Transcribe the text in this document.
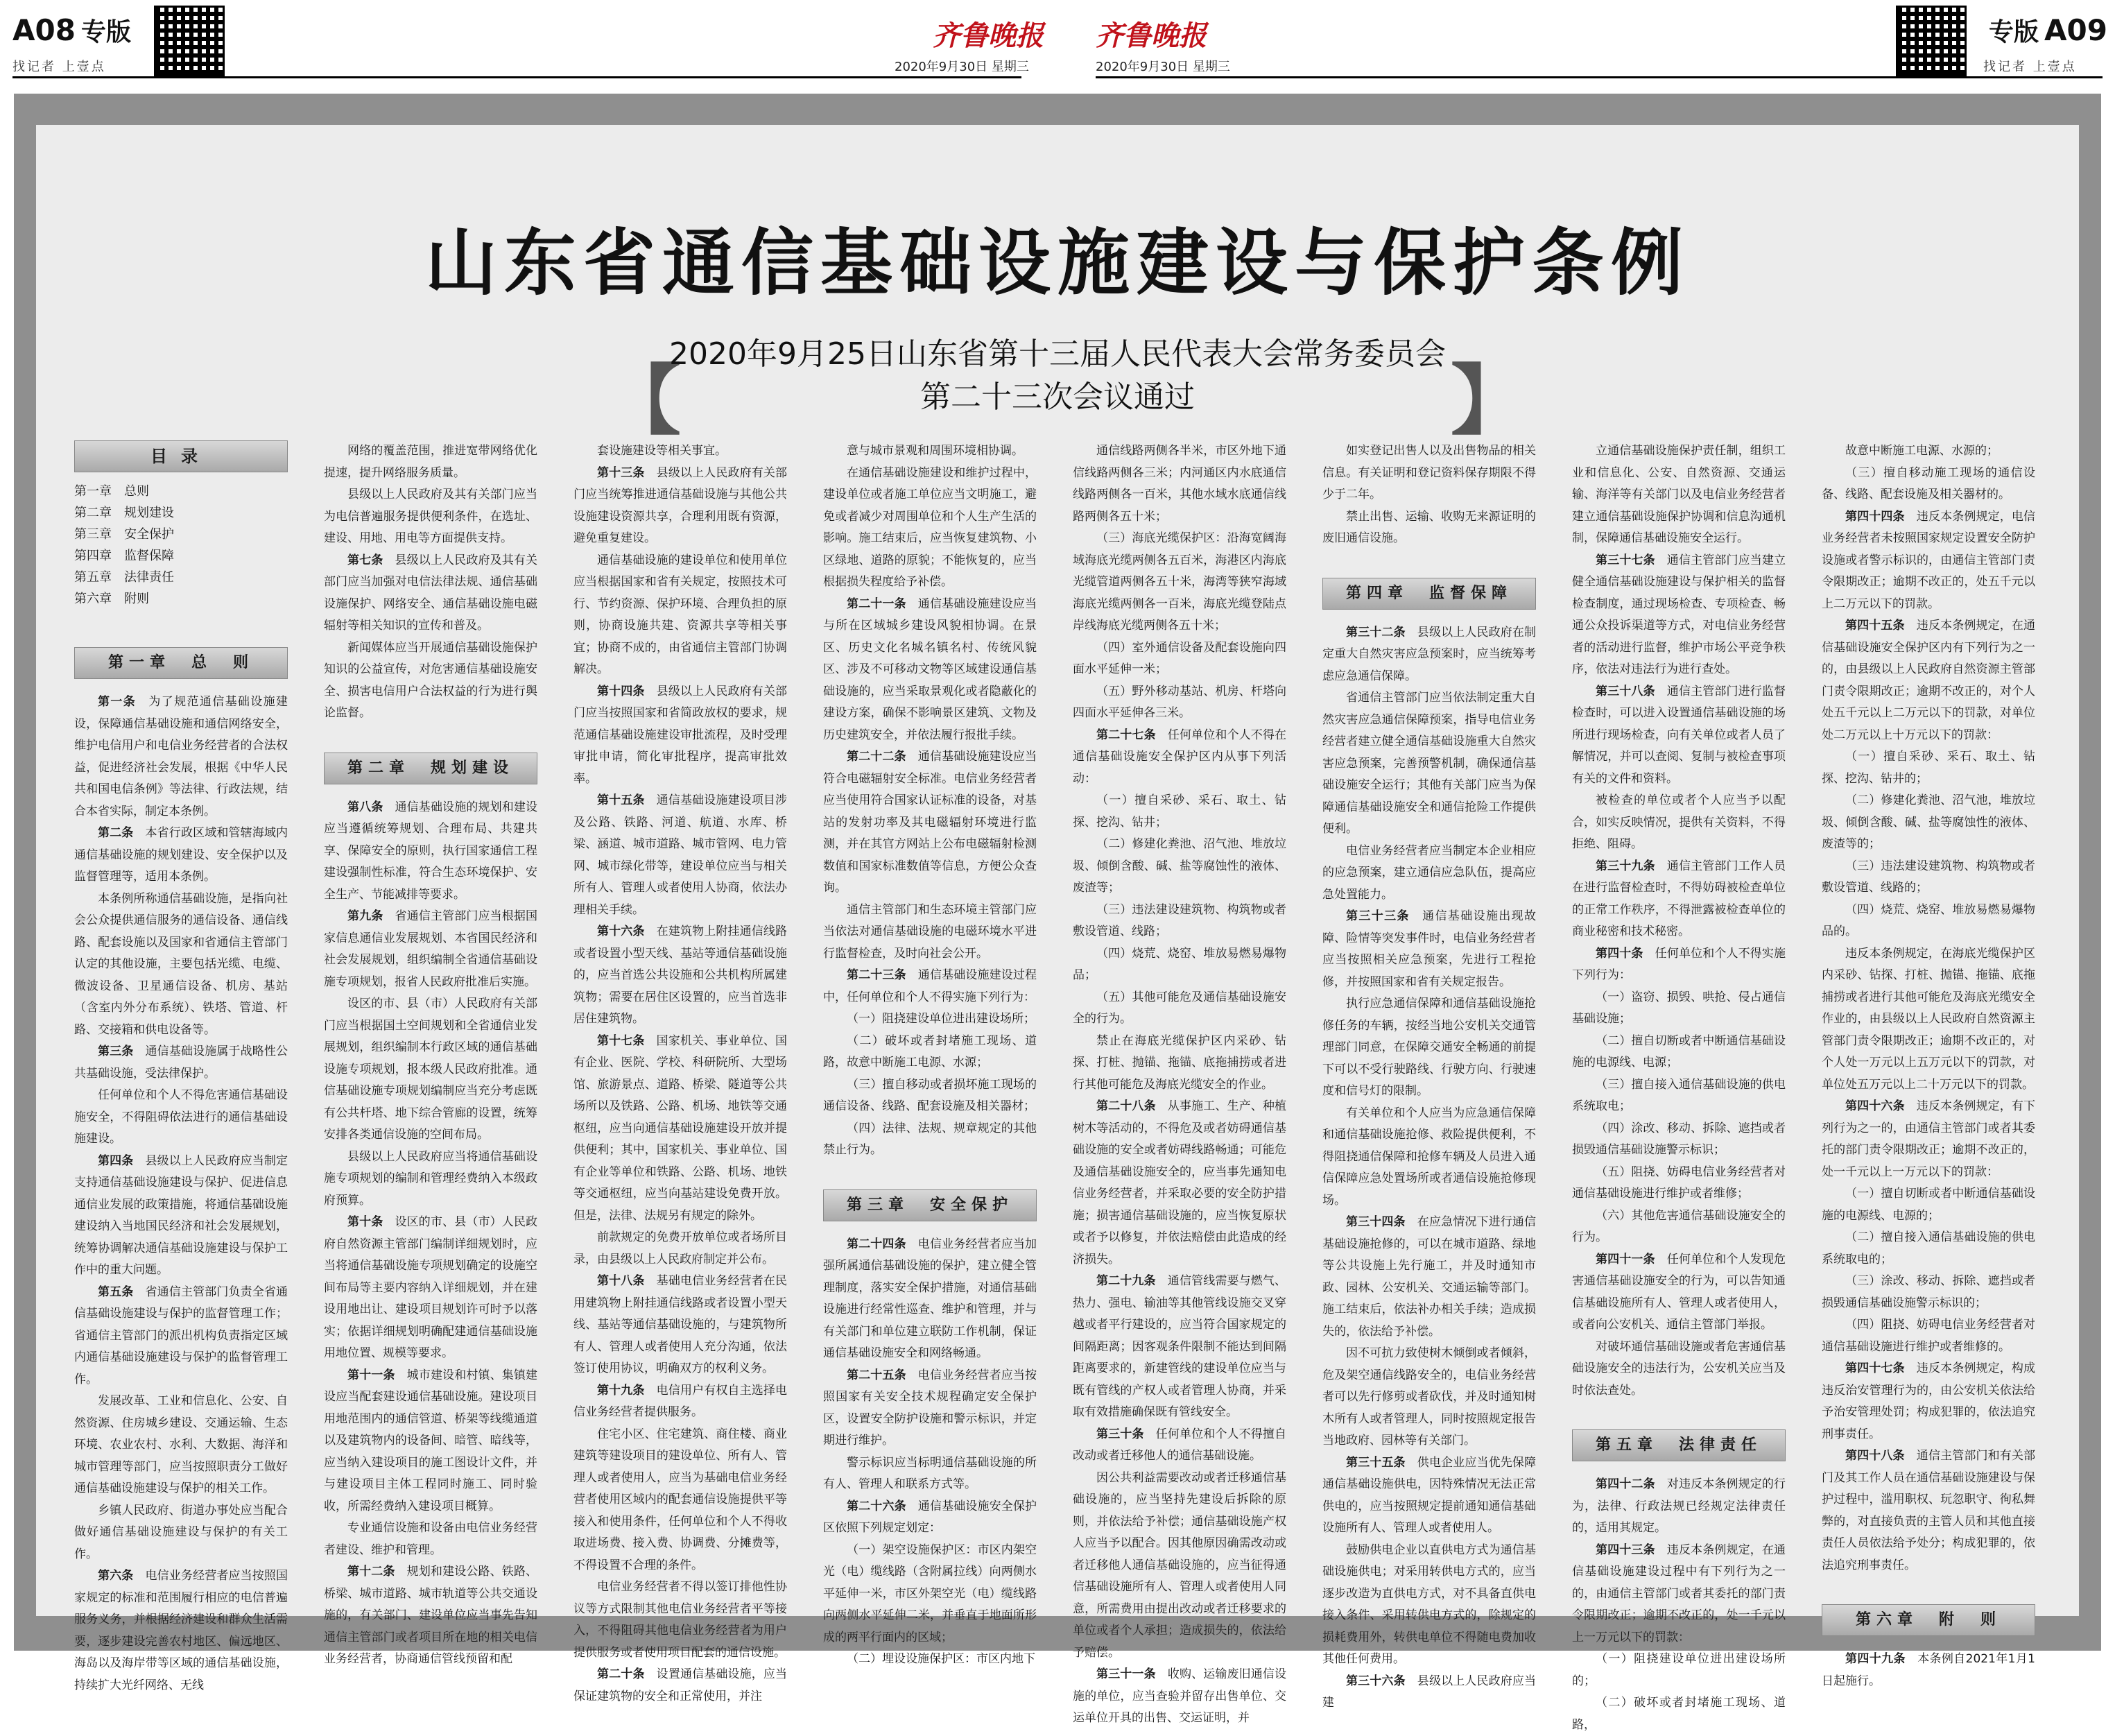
A08 专版
找记者 上壹点
齐鲁晚报
2020年9月30日 星期三
齐鲁晚报
2020年9月30日 星期三
专版 A09
找记者 上壹点
山东省通信基础设施建设与保护条例
【	】
2020年9月25日山东省第十三届人民代表大会常务委员会
第二十三次会议通过
目录
第一章　总则
第二章　规划建设
第三章　安全保护
第四章　监督保障
第五章　法律责任
第六章　附则
第一章　总　则

第一条　为了规范通信基础设施建设，保障通信基础设施和通信网络安全，维护电信用户和电信业务经营者的合法权益，促进经济社会发展，根据《中华人民共和国电信条例》等法律、行政法规，结合本省实际，制定本条例。

第二条　本省行政区域和管辖海域内通信基础设施的规划建设、安全保护以及监督管理等，适用本条例。

本条例所称通信基础设施，是指向社会公众提供通信服务的通信设备、通信线路、配套设施以及国家和省通信主管部门认定的其他设施，主要包括光缆、电缆、微波设备、卫星通信设备、机房、基站（含室内外分布系统）、铁塔、管道、杆路、交接箱和供电设备等。

第三条　通信基础设施属于战略性公共基础设施，受法律保护。

任何单位和个人不得危害通信基础设施安全，不得阻碍依法进行的通信基础设施建设。

第四条　县级以上人民政府应当制定支持通信基础设施建设与保护、促进信息通信业发展的政策措施，将通信基础设施建设纳入当地国民经济和社会发展规划，统筹协调解决通信基础设施建设与保护工作中的重大问题。

第五条　省通信主管部门负责全省通信基础设施建设与保护的监督管理工作；省通信主管部门的派出机构负责指定区域内通信基础设施建设与保护的监督管理工作。

发展改革、工业和信息化、公安、自然资源、住房城乡建设、交通运输、生态环境、农业农村、水利、大数据、海洋和城市管理等部门，应当按照职责分工做好通信基础设施建设与保护的相关工作。

乡镇人民政府、街道办事处应当配合做好通信基础设施建设与保护的有关工作。

第六条　电信业务经营者应当按照国家规定的标准和范围履行相应的电信普遍服务义务，并根据经济建设和群众生活需要，逐步建设完善农村地区、偏远地区、海岛以及海岸带等区域的通信基础设施，持续扩大光纤网络、无线

网络的覆盖范围，推进宽带网络优化提速，提升网络服务质量。

县级以上人民政府及其有关部门应当为电信普遍服务提供便利条件，在选址、建设、用地、用电等方面提供支持。

第七条　县级以上人民政府及其有关部门应当加强对电信法律法规、通信基础设施保护、网络安全、通信基础设施电磁辐射等相关知识的宣传和普及。

新闻媒体应当开展通信基础设施保护知识的公益宣传，对危害通信基础设施安全、损害电信用户合法权益的行为进行舆论监督。

第二章　规划建设

第八条　通信基础设施的规划和建设应当遵循统筹规划、合理布局、共建共享、保障安全的原则，执行国家通信工程建设强制性标准，符合生态环境保护、安全生产、节能减排等要求。

第九条　省通信主管部门应当根据国家信息通信业发展规划、本省国民经济和社会发展规划，组织编制全省通信基础设施专项规划，报省人民政府批准后实施。

设区的市、县（市）人民政府有关部门应当根据国土空间规划和全省通信业发展规划，组织编制本行政区域的通信基础设施专项规划，报本级人民政府批准。通信基础设施专项规划编制应当充分考虑既有公共杆塔、地下综合管廊的设置，统筹安排各类通信设施的空间布局。

县级以上人民政府应当将通信基础设施专项规划的编制和管理经费纳入本级政府预算。

第十条　设区的市、县（市）人民政府自然资源主管部门编制详细规划时，应当将通信基础设施专项规划确定的设施空间布局等主要内容纳入详细规划，并在建设用地出让、建设项目规划许可时予以落实；依据详细规划明确配建通信基础设施用地位置、规模等要求。

第十一条　城市建设和村镇、集镇建设应当配套建设通信基础设施。建设项目用地范围内的通信管道、桥架等线缆通道以及建筑物内的设备间、暗管、暗线等，应当纳入建设项目的施工图设计文件，并与建设项目主体工程同时施工、同时验收，所需经费纳入建设项目概算。

专业通信设施和设备由电信业务经营者建设、维护和管理。

第十二条　规划和建设公路、铁路、桥梁、城市道路、城市轨道等公共交通设施的，有关部门、建设单位应当事先告知通信主管部门或者项目所在地的相关电信业务经营者，协商通信管线预留和配

套设施建设等相关事宜。

第十三条　县级以上人民政府有关部门应当统筹推进通信基础设施与其他公共设施建设资源共享，合理利用既有资源，避免重复建设。

通信基础设施的建设单位和使用单位应当根据国家和省有关规定，按照技术可行、节约资源、保护环境、合理负担的原则，协商设施共建、资源共享等相关事宜；协商不成的，由省通信主管部门协调解决。

第十四条　县级以上人民政府有关部门应当按照国家和省简政放权的要求，规范通信基础设施建设审批流程，及时受理审批申请，简化审批程序，提高审批效率。

第十五条　通信基础设施建设项目涉及公路、铁路、河道、航道、水库、桥梁、涵道、城市道路、城市管网、电力管网、城市绿化带等，建设单位应当与相关所有人、管理人或者使用人协商，依法办理相关手续。

第十六条　在建筑物上附挂通信线路或者设置小型天线、基站等通信基础设施的，应当首选公共设施和公共机构所属建筑物；需要在居住区设置的，应当首选非居住建筑物。

第十七条　国家机关、事业单位、国有企业、医院、学校、科研院所、大型场馆、旅游景点、道路、桥梁、隧道等公共场所以及铁路、公路、机场、地铁等交通枢纽，应当向通信基础设施建设开放并提供便利；其中，国家机关、事业单位、国有企业等单位和铁路、公路、机场、地铁等交通枢纽，应当向基站建设免费开放。但是，法律、法规另有规定的除外。

前款规定的免费开放单位或者场所目录，由县级以上人民政府制定并公布。

第十八条　基础电信业务经营者在民用建筑物上附挂通信线路或者设置小型天线、基站等通信基础设施的，与建筑物所有人、管理人或者使用人充分沟通，依法签订使用协议，明确双方的权利义务。

第十九条　电信用户有权自主选择电信业务经营者提供服务。

住宅小区、住宅建筑、商住楼、商业建筑等建设项目的建设单位、所有人、管理人或者使用人，应当为基础电信业务经营者使用区域内的配套通信设施提供平等接入和使用条件，任何单位和个人不得收取进场费、接入费、协调费、分摊费等，不得设置不合理的条件。

电信业务经营者不得以签订排他性协议等方式限制其他电信业务经营者平等接入，不得阻碍其他电信业务经营者为用户提供服务或者使用项目配套的通信设施。

第二十条　设置通信基础设施，应当保证建筑物的安全和正常使用，并注

意与城市景观和周围环境相协调。

在通信基础设施建设和维护过程中，建设单位或者施工单位应当文明施工，避免或者减少对周围单位和个人生产生活的影响。施工结束后，应当恢复建筑物、小区绿地、道路的原貌；不能恢复的，应当根据损失程度给予补偿。

第二十一条　通信基础设施建设应当与所在区域城乡建设风貌相协调。在景区、历史文化名城名镇名村、传统风貌区、涉及不可移动文物等区域建设通信基础设施的，应当采取景观化或者隐蔽化的建设方案，确保不影响景区建筑、文物及历史建筑安全，并依法履行报批手续。

第二十二条　通信基础设施建设应当符合电磁辐射安全标准。电信业务经营者应当使用符合国家认证标准的设备，对基站的发射功率及其电磁辐射环境进行监测，并在其官方网站上公布电磁辐射检测数值和国家标准数值等信息，方便公众查询。

通信主管部门和生态环境主管部门应当依法对通信基础设施的电磁环境水平进行监督检查，及时向社会公开。

第二十三条　通信基础设施建设过程中，任何单位和个人不得实施下列行为：

（一）阻挠建设单位进出建设场所；

（二）破坏或者封堵施工现场、道路，故意中断施工电源、水源；

（三）擅自移动或者损坏施工现场的通信设备、线路、配套设施及相关器材；

（四）法律、法规、规章规定的其他禁止行为。

第三章　安全保护

第二十四条　电信业务经营者应当加强所属通信基础设施的保护，建立健全管理制度，落实安全保护措施，对通信基础设施进行经常性巡查、维护和管理，并与有关部门和单位建立联防工作机制，保证通信基础设施安全和网络畅通。

第二十五条　电信业务经营者应当按照国家有关安全技术规程确定安全保护区，设置安全防护设施和警示标识，并定期进行维护。

警示标识应当标明通信基础设施的所有人、管理人和联系方式等。

第二十六条　通信基础设施安全保护区依照下列规定划定：

（一）架空设施保护区：市区内架空光（电）缆线路（含附属拉线）向两侧水平延伸一米，市区外架空光（电）缆线路向两侧水平延伸二米，并垂直于地面所形成的两平行面内的区域；

（二）埋设设施保护区：市区内地下

通信线路两侧各半米，市区外地下通信线路两侧各三米；内河通区内水底通信线路两侧各一百米，其他水域水底通信线路两侧各五十米；

（三）海底光缆保护区：沿海宽阔海域海底光缆两侧各五百米，海港区内海底光缆管道两侧各五十米，海湾等狭窄海域海底光缆两侧各一百米，海底光缆登陆点岸线海底光缆两侧各五十米；

（四）室外通信设备及配套设施向四面水平延伸一米；

（五）野外移动基站、机房、杆塔向四面水平延伸各三米。

第二十七条　任何单位和个人不得在通信基础设施安全保护区内从事下列活动：

（一）擅自采砂、采石、取土、钻探、挖沟、钻井；

（二）修建化粪池、沼气池、堆放垃圾、倾倒含酸、碱、盐等腐蚀性的液体、废渣等；

（三）违法建设建筑物、构筑物或者敷设管道、线路；

（四）烧荒、烧窑、堆放易燃易爆物品；

（五）其他可能危及通信基础设施安全的行为。

禁止在海底光缆保护区内采砂、钻探、打桩、抛锚、拖锚、底拖捕捞或者进行其他可能危及海底光缆安全的作业。

第二十八条　从事施工、生产、种植树木等活动的，不得危及或者妨碍通信基础设施的安全或者妨碍线路畅通；可能危及通信基础设施安全的，应当事先通知电信业务经营者，并采取必要的安全防护措施；损害通信基础设施的，应当恢复原状或者予以修复，并依法赔偿由此造成的经济损失。

第二十九条　通信管线需要与燃气、热力、强电、输油等其他管线设施交叉穿越或者平行建设的，应当符合国家规定的间隔距离；因客观条件限制不能达到间隔距离要求的，新建管线的建设单位应当与既有管线的产权人或者管理人协商，并采取有效措施确保既有管线安全。

第三十条　任何单位和个人不得擅自改动或者迁移他人的通信基础设施。

因公共利益需要改动或者迁移通信基础设施的，应当坚持先建设后拆除的原则，并依法给予补偿；通信基础设施产权人应当予以配合。因其他原因确需改动或者迁移他人通信基础设施的，应当征得通信基础设施所有人、管理人或者使用人同意，所需费用由提出改动或者迁移要求的单位或者个人承担；造成损失的，依法给予赔偿。

第三十一条　收购、运输废旧通信设施的单位，应当查验并留存出售单位、交运单位开具的出售、交运证明，并

如实登记出售人以及出售物品的相关信息。有关证明和登记资料保存期限不得少于二年。

禁止出售、运输、收购无来源证明的废旧通信设施。

第四章　监督保障

第三十二条　县级以上人民政府在制定重大自然灾害应急预案时，应当统筹考虑应急通信保障。

省通信主管部门应当依法制定重大自然灾害应急通信保障预案，指导电信业务经营者建立健全通信基础设施重大自然灾害应急预案，完善预警机制，确保通信基础设施安全运行；其他有关部门应当为保障通信基础设施安全和通信抢险工作提供便利。

电信业务经营者应当制定本企业相应的应急预案，建立通信应急队伍，提高应急处置能力。

第三十三条　通信基础设施出现故障、险情等突发事件时，电信业务经营者应当按照相关应急预案，先进行工程抢修，并按照国家和省有关规定报告。

执行应急通信保障和通信基础设施抢修任务的车辆，按经当地公安机关交通管理部门同意，在保障交通安全畅通的前提下可以不受行驶路线、行驶方向、行驶速度和信号灯的限制。

有关单位和个人应当为应急通信保障和通信基础设施抢修、救险提供便利，不得阻挠通信保障和抢修车辆及人员进入通信保障应急处置场所或者通信设施抢修现场。

第三十四条　在应急情况下进行通信基础设施抢修的，可以在城市道路、绿地等公共设施上先行施工，并及时通知市政、园林、公安机关、交通运输等部门。施工结束后，依法补办相关手续；造成损失的，依法给予补偿。

因不可抗力致使树木倾倒或者倾斜，危及架空通信线路安全的，电信业务经营者可以先行修剪或者砍伐，并及时通知树木所有人或者管理人，同时按照规定报告当地政府、园林等有关部门。

第三十五条　供电企业应当优先保障通信基础设施供电，因特殊情况无法正常供电的，应当按照规定提前通知通信基础设施所有人、管理人或者使用人。

鼓励供电企业以直供电方式为通信基础设施供电；对采用转供电方式的，应当逐步改造为直供电方式，对不具备直供电接入条件、采用转供电方式的，除规定的损耗费用外，转供电单位不得随电费加收其他任何费用。

第三十六条　县级以上人民政府应当建

立通信基础设施保护责任制，组织工业和信息化、公安、自然资源、交通运输、海洋等有关部门以及电信业务经营者建立通信基础设施保护协调和信息沟通机制，保障通信基础设施安全运行。

第三十七条　通信主管部门应当建立健全通信基础设施建设与保护相关的监督检查制度，通过现场检查、专项检查、畅通公众投诉渠道等方式，对电信业务经营者的活动进行监督，维护市场公平竞争秩序，依法对违法行为进行查处。

第三十八条　通信主管部门进行监督检查时，可以进入设置通信基础设施的场所进行现场检查，向有关单位或者人员了解情况，并可以查阅、复制与被检查事项有关的文件和资料。

被检查的单位或者个人应当予以配合，如实反映情况，提供有关资料，不得拒绝、阻碍。

第三十九条　通信主管部门工作人员在进行监督检查时，不得妨碍被检查单位的正常工作秩序，不得泄露被检查单位的商业秘密和技术秘密。

第四十条　任何单位和个人不得实施下列行为：

（一）盗窃、损毁、哄抢、侵占通信基础设施；

（二）擅自切断或者中断通信基础设施的电源线、电源；

（三）擅自接入通信基础设施的供电系统取电；

（四）涂改、移动、拆除、遮挡或者损毁通信基础设施警示标识；

（五）阻挠、妨碍电信业务经营者对通信基础设施进行维护或者维修；

（六）其他危害通信基础设施安全的行为。

第四十一条　任何单位和个人发现危害通信基础设施安全的行为，可以告知通信基础设施所有人、管理人或者使用人，或者向公安机关、通信主管部门举报。

对破坏通信基础设施或者危害通信基础设施安全的违法行为，公安机关应当及时依法查处。

第五章　法律责任

第四十二条　对违反本条例规定的行为，法律、行政法规已经规定法律责任的，适用其规定。

第四十三条　违反本条例规定，在通信基础设施建设过程中有下列行为之一的，由通信主管部门或者其委托的部门责令限期改正；逾期不改正的，处一千元以上一万元以下的罚款：

（一）阻挠建设单位进出建设场所的；

（二）破坏或者封堵施工现场、道路，

故意中断施工电源、水源的；

（三）擅自移动施工现场的通信设备、线路、配套设施及相关器材的。

第四十四条　违反本条例规定，电信业务经营者未按照国家规定设置安全防护设施或者警示标识的，由通信主管部门责令限期改正；逾期不改正的，处五千元以上二万元以下的罚款。

第四十五条　违反本条例规定，在通信基础设施安全保护区内有下列行为之一的，由县级以上人民政府自然资源主管部门责令限期改正；逾期不改正的，对个人处五千元以上二万元以下的罚款，对单位处二万元以上十万元以下的罚款：

（一）擅自采砂、采石、取土、钻探、挖沟、钻井的；

（二）修建化粪池、沼气池，堆放垃圾、倾倒含酸、碱、盐等腐蚀性的液体、废渣等的；

（三）违法建设建筑物、构筑物或者敷设管道、线路的；

（四）烧荒、烧窑、堆放易燃易爆物品的。

违反本条例规定，在海底光缆保护区内采砂、钻探、打桩、抛锚、拖锚、底拖捕捞或者进行其他可能危及海底光缆安全作业的，由县级以上人民政府自然资源主管部门责令限期改正；逾期不改正的，对个人处一万元以上五万元以下的罚款，对单位处五万元以上二十万元以下的罚款。

第四十六条　违反本条例规定，有下列行为之一的，由通信主管部门或者其委托的部门责令限期改正；逾期不改正的，处一千元以上一万元以下的罚款：

（一）擅自切断或者中断通信基础设施的电源线、电源的；

（二）擅自接入通信基础设施的供电系统取电的；

（三）涂改、移动、拆除、遮挡或者损毁通信基础设施警示标识的；

（四）阻挠、妨碍电信业务经营者对通信基础设施进行维护或者维修的。

第四十七条　违反本条例规定，构成违反治安管理行为的，由公安机关依法给予治安管理处罚；构成犯罪的，依法追究刑事责任。

第四十八条　通信主管部门和有关部门及其工作人员在通信基础设施建设与保护过程中，滥用职权、玩忽职守、徇私舞弊的，对直接负责的主管人员和其他直接责任人员依法给予处分；构成犯罪的，依法追究刑事责任。

第六章　附　则

第四十九条　本条例自2021年1月1日起施行。
